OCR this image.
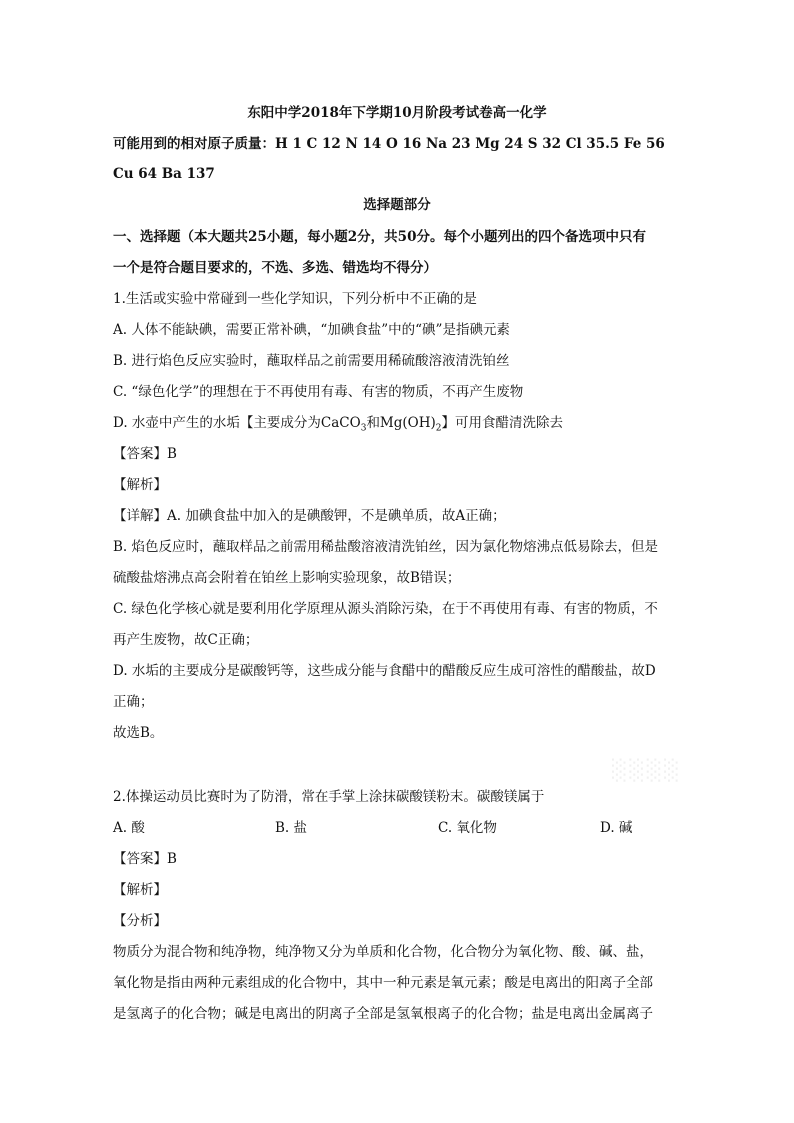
东阳中学2018年下学期10月阶段考试卷高一化学
可能用到的相对原子质量：H 1 C 12 N 14 O 16 Na 23 Mg 24 S 32 Cl 35.5 Fe 56
Cu 64 Ba 137
选择题部分
一、选择题（本大题共25小题，每小题2分，共50分。每个小题列出的四个备选项中只有
一个是符合题目要求的，不选、多选、错选均不得分）
1.生活或实验中常碰到一些化学知识，下列分析中不正确的是
A. 人体不能缺碘，需要正常补碘，“加碘食盐”中的“碘”是指碘元素
B. 进行焰色反应实验时，蘸取样品之前需要用稀硫酸溶液清洗铂丝
C. “绿色化学”的理想在于不再使用有毒、有害的物质，不再产生废物
D. 水壶中产生的水垢【主要成分为CaCO$_3$和$Mg(OH)_2$】可用食醋清洗除去
【答案】B
【解析】
【详解】A. 加碘食盐中加入的是碘酸钾，不是碘单质，故A正确；
B. 焰色反应时，蘸取样品之前需用稀盐酸溶液清洗铂丝，因为氯化物熔沸点低易除去，但是
硫酸盐熔沸点高会附着在铂丝上影响实验现象，故B错误；
C. 绿色化学核心就是要利用化学原理从源头消除污染，在于不再使用有毒、有害的物质，不
再产生废物，故C正确；
D. 水垢的主要成分是碳酸钙等，这些成分能与食醋中的醋酸反应生成可溶性的醋酸盐，故D
正确；
故选B。
░░░░
2.体操运动员比赛时为了防滑，常在手掌上涂抹碳酸镁粉末。碳酸镁属于
A. 酸	B. 盐	C. 氧化物	D. 碱
【答案】B
【解析】
【分析】
物质分为混合物和纯净物，纯净物又分为单质和化合物，化合物分为氧化物、酸、碱、盐，
氧化物是指由两种元素组成的化合物中，其中一种元素是氧元素；酸是电离出的阳离子全部
是氢离子的化合物；碱是电离出的阴离子全部是氢氧根离子的化合物；盐是电离出金属离子
